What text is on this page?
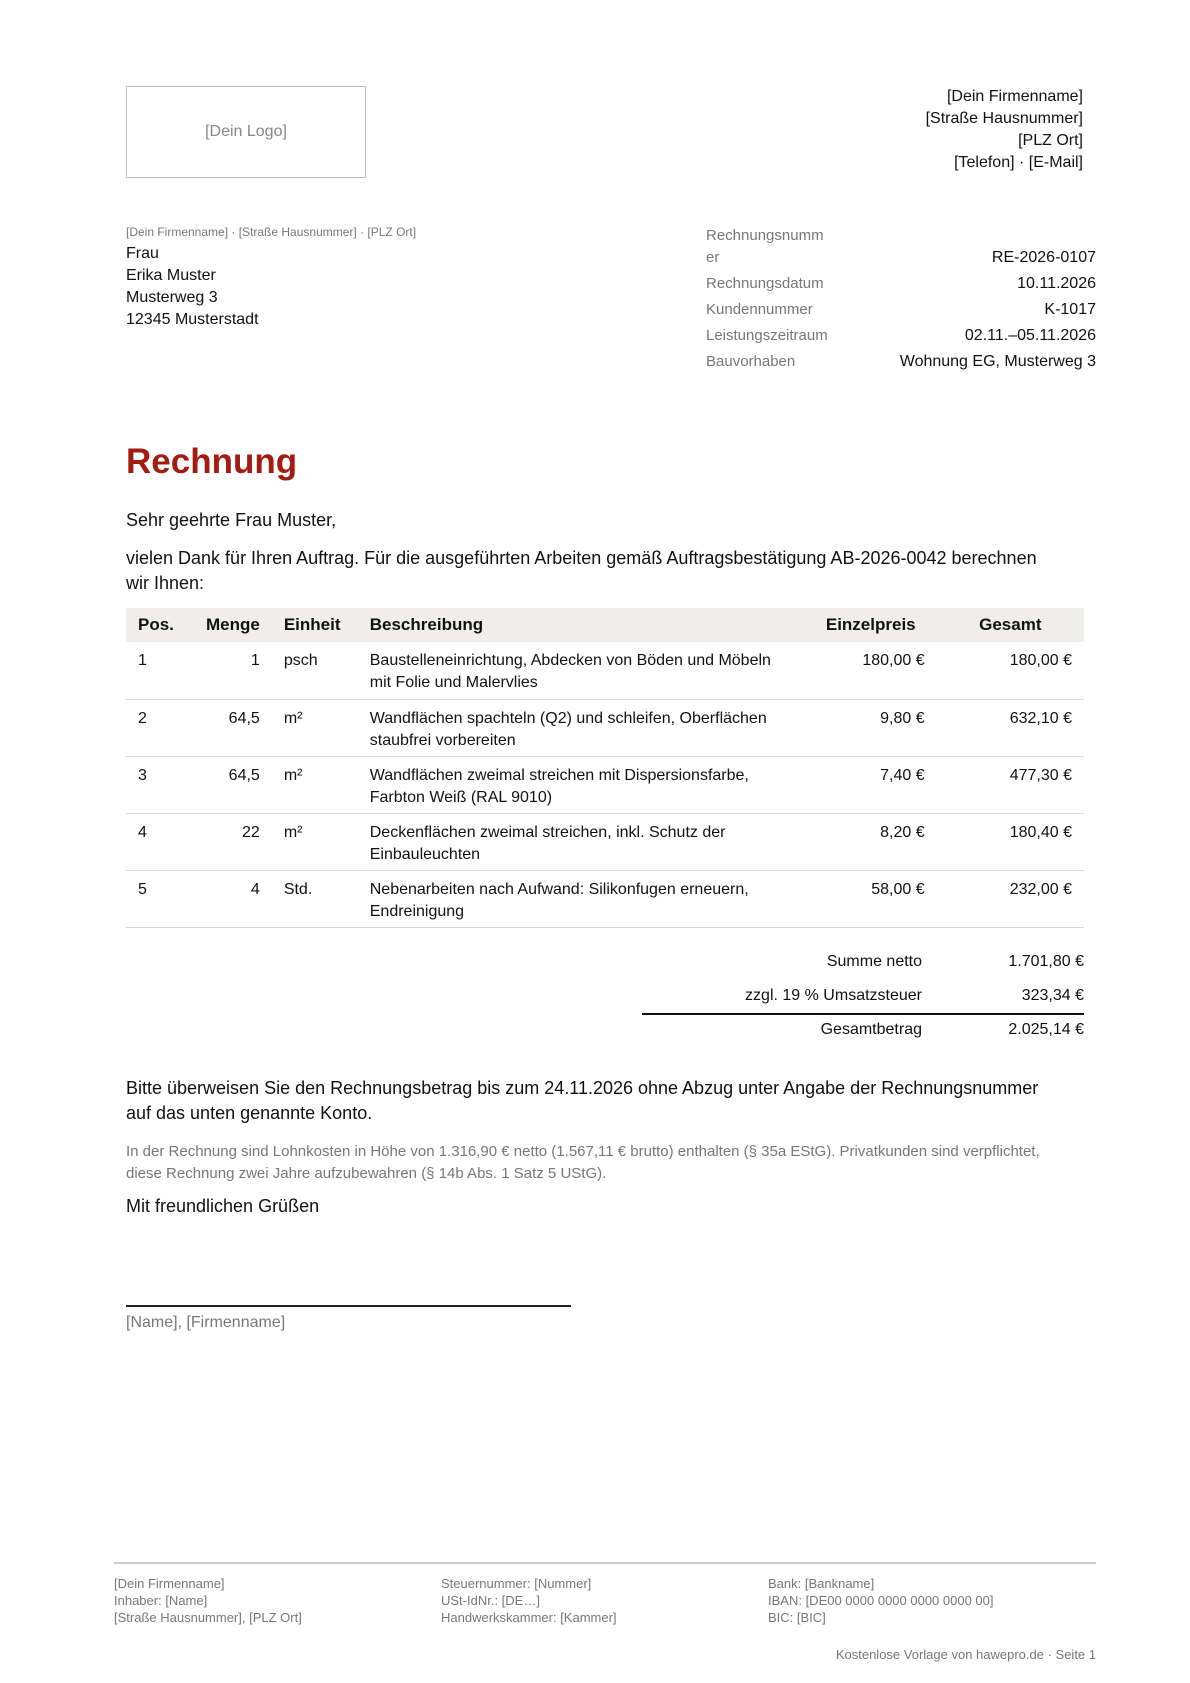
[Dein Logo]
[Dein Firmenname]
[Straße Hausnummer]
[PLZ Ort]
[Telefon] · [E-Mail]
[Dein Firmenname] · [Straße Hausnummer] · [PLZ Ort]
Frau
Erika Muster
Musterweg 3
12345 Musterstadt
Rechnungsnummer	RE-2026-0107
Rechnungsdatum	10.11.2026
Kundennummer	K-1017
Leistungszeitraum	02.11.–05.11.2026
Bauvorhaben	Wohnung EG, Musterweg 3
Rechnung

Sehr geehrte Frau Muster,

vielen Dank für Ihren Auftrag. Für die ausgeführten Arbeiten gemäß Auftragsbestätigung AB-2026-0042 berechnen wir Ihnen:

Pos.	Menge	Einheit	Beschreibung	Einzelpreis	Gesamt
1	1	psch	Baustelleneinrichtung, Abdecken von Böden und Möbeln mit Folie und Malervlies	180,00 €	180,00 €
2	64,5	m²	Wandflächen spachteln (Q2) und schleifen, Oberflächen staubfrei vorbereiten	9,80 €	632,10 €
3	64,5	m²	Wandflächen zweimal streichen mit Dispersionsfarbe, Farbton Weiß (RAL 9010)	7,40 €	477,30 €
4	22	m²	Deckenflächen zweimal streichen, inkl. Schutz der Einbauleuchten	8,20 €	180,40 €
5	4	Std.	Nebenarbeiten nach Aufwand: Silikonfugen erneuern, Endreinigung	58,00 €	232,00 €
Summe netto	1.701,80 €
zzgl. 19 % Umsatzsteuer	323,34 €
Gesamtbetrag	2.025,14 €

Bitte überweisen Sie den Rechnungsbetrag bis zum 24.11.2026 ohne Abzug unter Angabe der Rechnungsnummer auf das unten genannte Konto.

In der Rechnung sind Lohnkosten in Höhe von 1.316,90 € netto (1.567,11 € brutto) enthalten (§ 35a EStG). Privatkunden sind verpflichtet, diese Rechnung zwei Jahre aufzubewahren (§ 14b Abs. 1 Satz 5 UStG).

Mit freundlichen Grüßen

[Name], [Firmenname]
[Dein Firmenname]
Inhaber: [Name]
[Straße Hausnummer], [PLZ Ort]
Steuernummer: [Nummer]
USt-IdNr.: [DE…]
Handwerkskammer: [Kammer]
Bank: [Bankname]
IBAN: [DE00 0000 0000 0000 0000 00]
BIC: [BIC]
Kostenlose Vorlage von hawepro.de · Seite 1
